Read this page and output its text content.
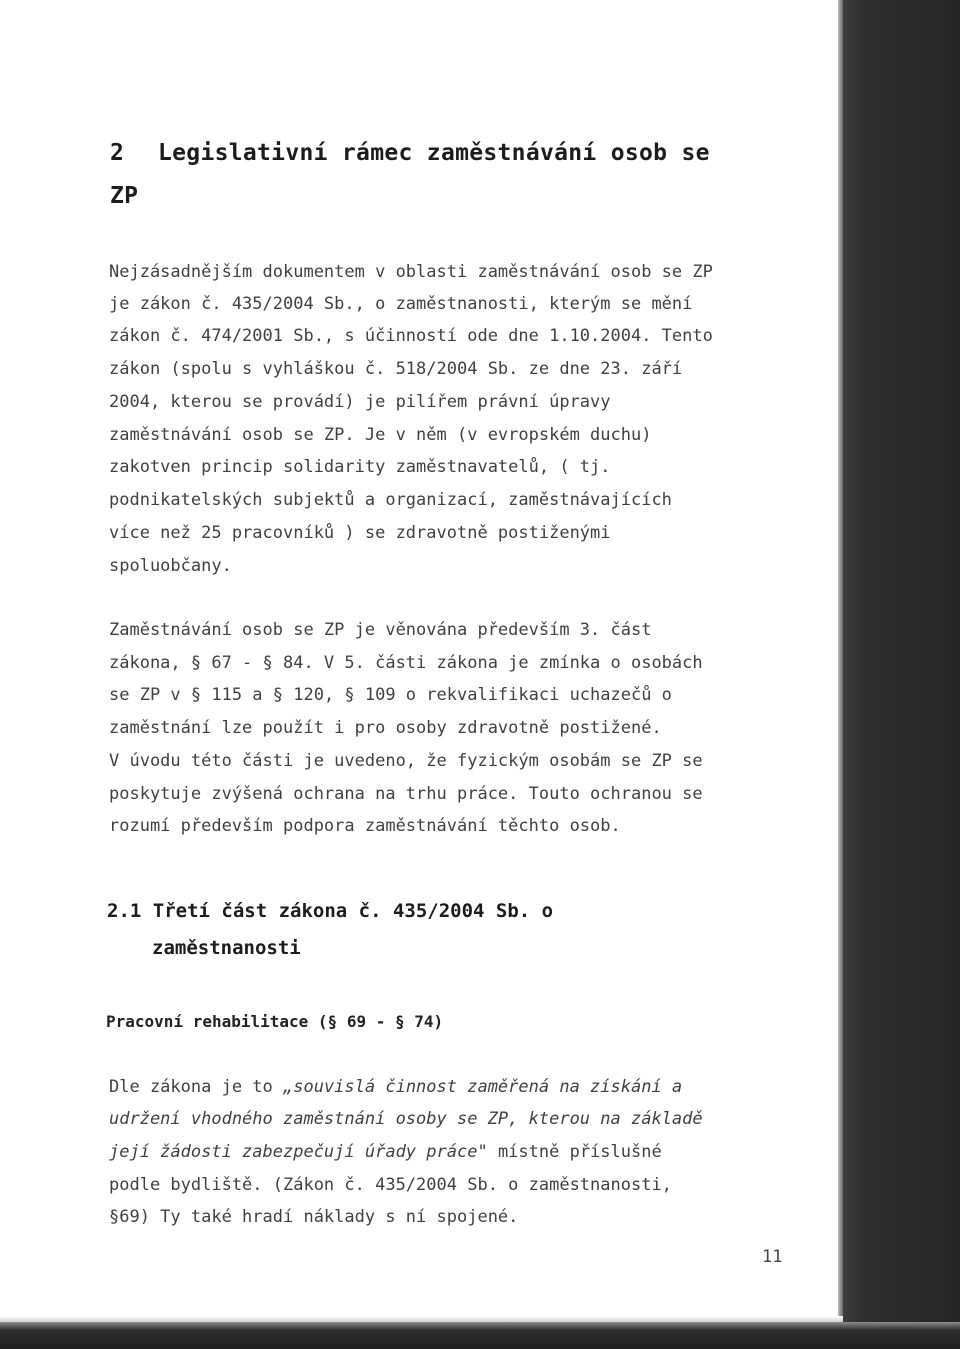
2 Legislativní rámec zaměstnávání osob se
ZP
Nejzásadnějším dokumentem v oblasti zaměstnávání osob se ZP
je zákon č. 435/2004 Sb., o zaměstnanosti, kterým se mění
zákon č. 474/2001 Sb., s účinností ode dne 1.10.2004. Tento
zákon (spolu s vyhláškou č. 518/2004 Sb. ze dne 23. září
2004, kterou se provádí) je pilířem právní úpravy
zaměstnávání osob se ZP. Je v něm (v evropském duchu)
zakotven princip solidarity zaměstnavatelů, ( tj.
podnikatelských subjektů a organizací, zaměstnávajících
více než 25 pracovníků ) se zdravotně postiženými
spoluobčany.
Zaměstnávání osob se ZP je věnována především 3. část
zákona, § 67 - § 84. V 5. části zákona je zmínka o osobách
se ZP v § 115 a § 120, § 109 o rekvalifikaci uchazečů o
zaměstnání lze použít i pro osoby zdravotně postižené.
V úvodu této části je uvedeno, že fyzickým osobám se ZP se
poskytuje zvýšená ochrana na trhu práce. Touto ochranou se
rozumí především podpora zaměstnávání těchto osob.
2.1 Třetí část zákona č. 435/2004 Sb. o
zaměstnanosti
Pracovní rehabilitace (§ 69 - § 74)
Dle zákona je to „souvislá činnost zaměřená na získání a
udržení vhodného zaměstnání osoby se ZP, kterou na základě
její žádosti zabezpečují úřady práce " místně příslušné
podle bydliště. (Zákon č. 435/2004 Sb. o zaměstnanosti,
§69) Ty také hradí náklady s ní spojené.
11
